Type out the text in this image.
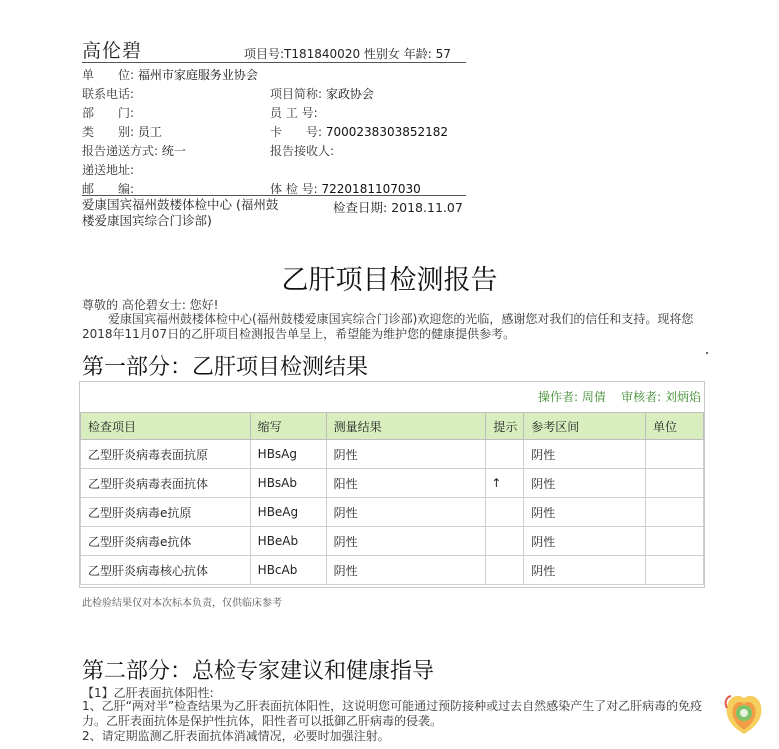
高伦碧	项目号:T181840020 性别女 年龄: 57
单　　位: 福州市家庭服务业协会
联系电话:	项目简称: 家政协会
部　　门:	员 工 号:
类　　别: 员工	卡　　号: 7000238303852182
报告递送方式: 统一	报告接收人:
递送地址:
邮　　编:	体 检 号: 7220181107030
爱康国宾福州鼓楼体检中心 (福州鼓楼爱康国宾综合门诊部)
检查日期: 2018.11.07
乙肝项目检测报告
尊敬的 高伦碧女士: 您好!
爱康国宾福州鼓楼体检中心(福州鼓楼爱康国宾综合门诊部)欢迎您的光临，感谢您对我们的信任和支持。现将您2018年11月07日的乙肝项目检测报告单呈上，希望能为维护您的健康提供参考。
第一部分：乙肝项目检测结果
操作者: 周倩 审核者: 刘炳焰
检查项目	缩写	测量结果	提示	参考区间	单位
乙型肝炎病毒表面抗原	HBsAg	阴性		阴性	
乙型肝炎病毒表面抗体	HBsAb	阳性	↑	阴性	
乙型肝炎病毒e抗原	HBeAg	阴性		阴性	
乙型肝炎病毒e抗体	HBeAb	阴性		阴性	
乙型肝炎病毒核心抗体	HBcAb	阴性		阴性	
此检验结果仅对本次标本负责，仅供临床参考
第二部分：总检专家建议和健康指导
【1】乙肝表面抗体阳性:
1、乙肝“两对半”检查结果为乙肝表面抗体阳性，这说明您可能通过预防接种或过去自然感染产生了对乙肝病毒的免疫力。乙肝表面抗体是保护性抗体，阳性者可以抵御乙肝病毒的侵袭。
2、请定期监测乙肝表面抗体消减情况，必要时加强注射。
